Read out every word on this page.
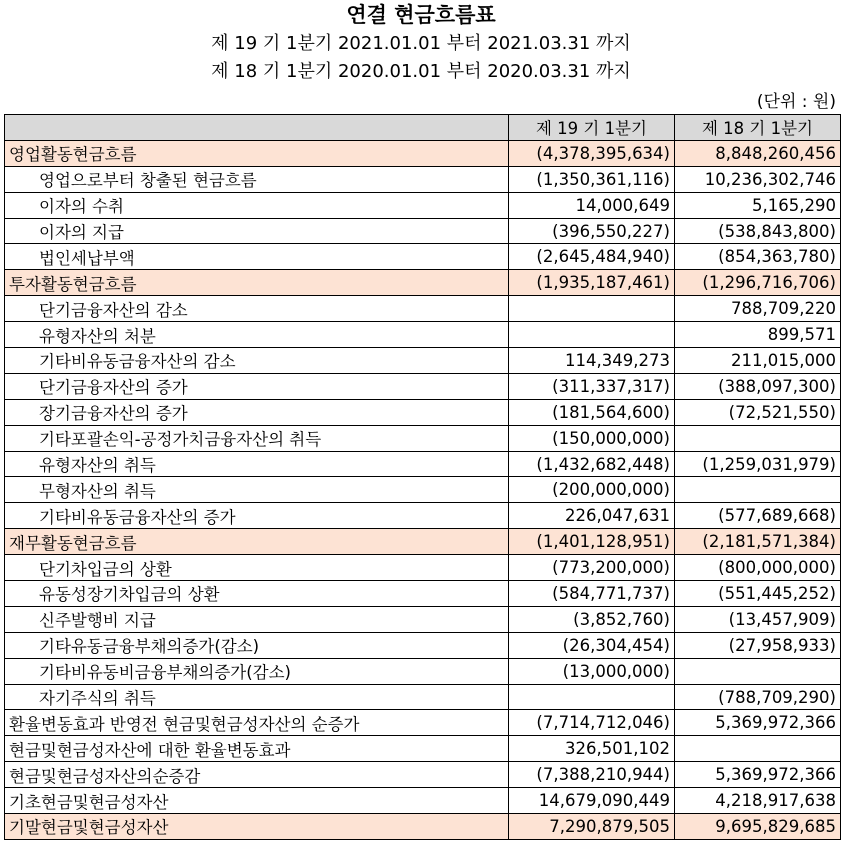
연결 현금흐름표
제 19 기 1분기 2021.01.01 부터 2021.03.31 까지
제 18 기 1분기 2020.01.01 부터 2020.03.31 까지
(단위 : 원)
	제 19 기 1분기	제 18 기 1분기
영업활동현금흐름	(4,378,395,634)	8,848,260,456
영업으로부터 창출된 현금흐름	(1,350,361,116)	10,236,302,746
이자의 수취	14,000,649	5,165,290
이자의 지급	(396,550,227)	(538,843,800)
법인세납부액	(2,645,484,940)	(854,363,780)
투자활동현금흐름	(1,935,187,461)	(1,296,716,706)
단기금융자산의 감소		788,709,220
유형자산의 처분		899,571
기타비유동금융자산의 감소	114,349,273	211,015,000
단기금융자산의 증가	(311,337,317)	(388,097,300)
장기금융자산의 증가	(181,564,600)	(72,521,550)
기타포괄손익-공정가치금융자산의 취득	(150,000,000)	
유형자산의 취득	(1,432,682,448)	(1,259,031,979)
무형자산의 취득	(200,000,000)	
기타비유동금융자산의 증가	226,047,631	(577,689,668)
재무활동현금흐름	(1,401,128,951)	(2,181,571,384)
단기차입금의 상환	(773,200,000)	(800,000,000)
유동성장기차입금의 상환	(584,771,737)	(551,445,252)
신주발행비 지급	(3,852,760)	(13,457,909)
기타유동금융부채의증가(감소)	(26,304,454)	(27,958,933)
기타비유동비금융부채의증가(감소)	(13,000,000)	
자기주식의 취득		(788,709,290)
환율변동효과 반영전 현금및현금성자산의 순증가	(7,714,712,046)	5,369,972,366
현금및현금성자산에 대한 환율변동효과	326,501,102	
현금및현금성자산의순증감	(7,388,210,944)	5,369,972,366
기초현금및현금성자산	14,679,090,449	4,218,917,638
기말현금및현금성자산	7,290,879,505	9,695,829,685
